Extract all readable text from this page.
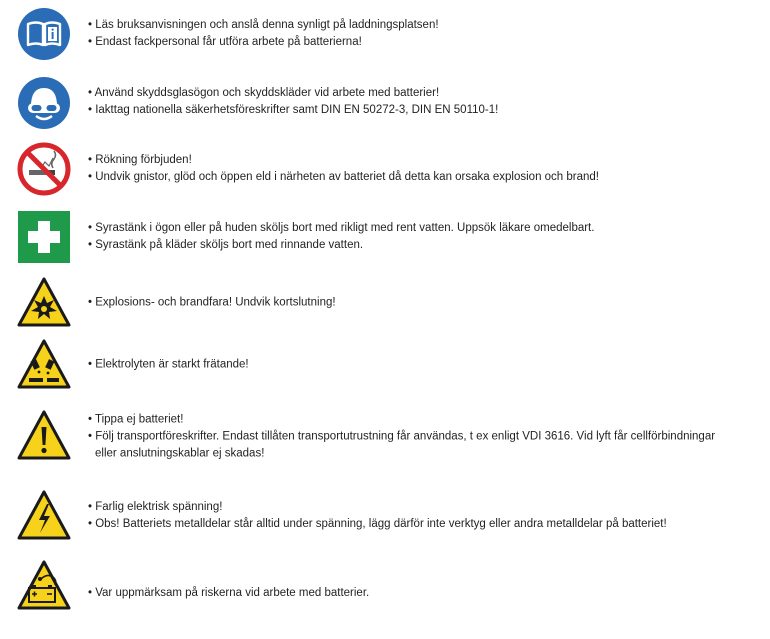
• Läs bruksanvisningen och anslå denna synligt på laddningsplatsen!
• Endast fackpersonal får utföra arbete på batterierna!
• Använd skyddsglasögon och skyddskläder vid arbete med batterier!
• Iakttag nationella säkerhetsföreskrifter samt DIN EN 50272-3, DIN EN 50110-1!
• Rökning förbjuden!
• Undvik gnistor, glöd och öppen eld i närheten av batteriet då detta kan orsaka explosion och brand!
• Syrastänk i ögon eller på huden sköljs bort med rikligt med rent vatten. Uppsök läkare omedelbart.
• Syrastänk på kläder sköljs bort med rinnande vatten.
• Explosions- och brandfara! Undvik kortslutning!
• Elektrolyten är starkt frätande!
• Tippa ej batteriet!
• Följ transportföreskrifter. Endast tillåten transportutrustning får användas, t ex enligt VDI 3616. Vid lyft får cellförbindningar
eller anslutningskablar ej skadas!
• Farlig elektrisk spänning!
• Obs! Batteriets metalldelar står alltid under spänning, lägg därför inte verktyg eller andra metalldelar på batteriet!
• Var uppmärksam på riskerna vid arbete med batterier.
